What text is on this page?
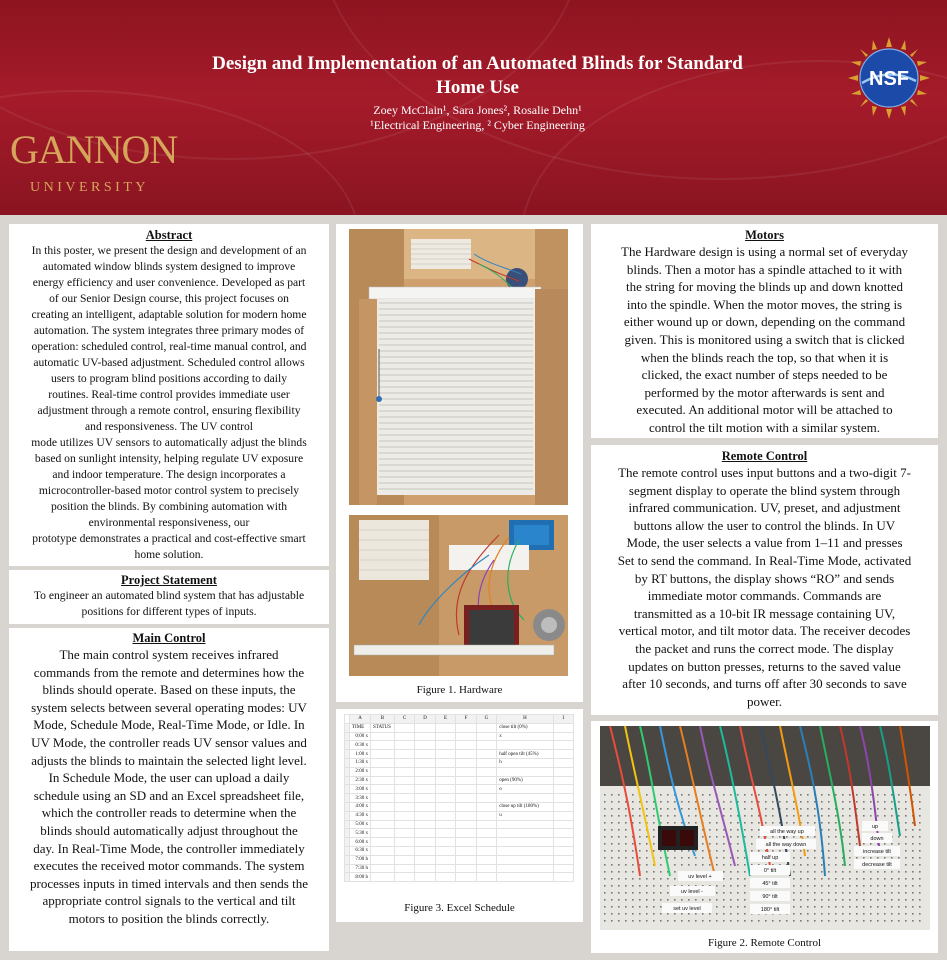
GANNON
UNIVERSITY
Design and Implementation of an Automated Blinds for Standard
Home Use
Zoey McClain¹, Sara Jones², Rosalie Dehn¹
¹Electrical Engineering, ² Cyber Engineering
NSF
Abstract
In this poster, we present the design and development of an
automated window blinds system designed to improve
energy efficiency and user convenience. Developed as part
of our Senior Design course, this project focuses on
creating an intelligent, adaptable solution for modern home
automation. The system integrates three primary modes of
operation: scheduled control, real-time manual control, and
automatic UV-based adjustment. Scheduled control allows
users to program blind positions according to daily
routines. Real-time control provides immediate user
adjustment through a remote control, ensuring flexibility
and responsiveness. The UV control
mode utilizes UV sensors to automatically adjust the blinds
based on sunlight intensity, helping regulate UV exposure
and indoor temperature. The design incorporates a
microcontroller-based motor control system to precisely
position the blinds. By combining automation with
environmental responsiveness, our
prototype demonstrates a practical and cost-effective smart
home solution.
Project Statement
To engineer an automated blind system that has adjustable
positions for different types of inputs.
Main Control
The main control system receives infrared
commands from the remote and determines how the
blinds should operate. Based on these inputs, the
system selects between several operating modes: UV
Mode, Schedule Mode, Real-Time Mode, or Idle. In
UV Mode, the controller reads UV sensor values and
adjusts the blinds to maintain the selected light level.
In Schedule Mode, the user can upload a daily
schedule using an SD and an Excel spreadsheet file,
which the controller reads to determine when the
blinds should automatically adjust throughout the
day. In Real-Time Mode, the controller immediately
executes the received motor commands. The system
processes inputs in timed intervals and then sends the
appropriate control signals to the vertical and tilt
motors to position the blinds correctly.
Figure 1. Hardware
	A	B	C	D	E	F	G	H	I
	TIME	STATUS						close tilt (0%)	
	0:00 x							x	
	0:30 x								
	1:00 x							half open tilt (45%)	
	1:30 x							h	
	2:00 x								
	2:30 x							open (90%)	
	3:00 x							o	
	3:30 x								
	4:00 x							close up tilt (180%)	
	4:30 x							u	
	5:00 x								
	5:30 x								
	6:00 x								
	6:30 x								
	7:00 h								
	7:30 h								
	8:00 h								
Figure 3. Excel Schedule
Motors
The Hardware design is using a normal set of everyday
blinds. Then a motor has a spindle attached to it with
the string for moving the blinds up and down knotted
into the spindle. When the motor moves, the string is
either wound up or down, depending on the command
given. This is monitored using a switch that is clicked
when the blinds reach the top, so that when it is
clicked, the exact number of steps needed to be
performed by the motor afterwards is sent and
executed. An additional motor will be attached to
control the tilt motion with a similar system.
Remote Control
The remote control uses input buttons and a two-digit 7-
segment display to operate the blind system through
infrared communication. UV, preset, and adjustment
buttons allow the user to control the blinds. In UV
Mode, the user selects a value from 1–11 and presses
Set to send the command. In Real-Time Mode, activated
by RT buttons, the display shows “RO” and sends
immediate motor commands. Commands are
transmitted as a 10-bit IR message containing UV,
vertical motor, and tilt motor data. The receiver decodes
the packet and runs the correct mode. The display
updates on button presses, returns to the saved value
after 10 seconds, and turns off after 30 seconds to save
power.
all the way up
all the way down
half up
0° tilt
45° tilt
90° tilt
180° tilt
uv level +
uv level -
set uv level
up
down
increase tilt
decrease tilt
Figure 2. Remote Control
